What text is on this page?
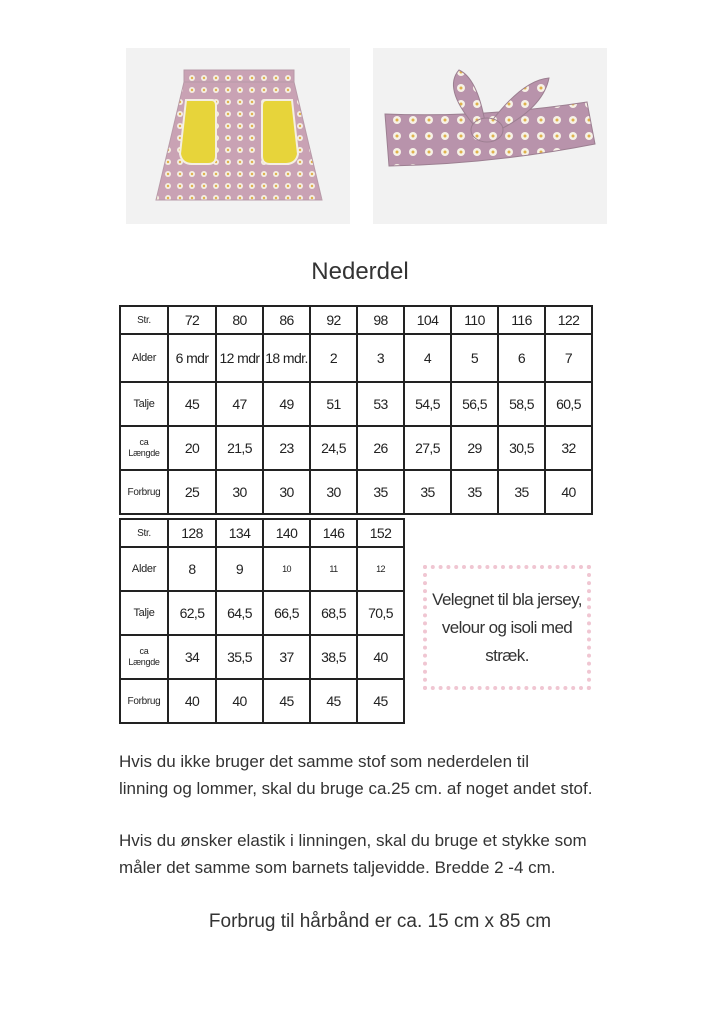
Nederdel
Str.	72	80	86	92	98	104	110	116	122
Alder	6 mdr	12 mdr	18 mdr.	2	3	4	5	6	7
Talje	45	47	49	51	53	54,5	56,5	58,5	60,5
ca
Længde	20	21,5	23	24,5	26	27,5	29	30,5	32
Forbrug	25	30	30	30	35	35	35	35	40
Str.	128	134	140	146	152
Alder	8	9	10	11	12
Talje	62,5	64,5	66,5	68,5	70,5
ca
Længde	34	35,5	37	38,5	40
Forbrug	40	40	45	45	45
Velegnet til bla jersey, velour og isoli med stræk.
Hvis du ikke bruger det samme stof som nederdelen til
linning og lommer, skal du bruge ca.25 cm. af noget andet stof.
Hvis du ønsker elastik i linningen, skal du bruge et stykke som
måler det samme som barnets taljevidde. Bredde 2 -4 cm.
Forbrug til hårbånd er ca. 15 cm x 85 cm
